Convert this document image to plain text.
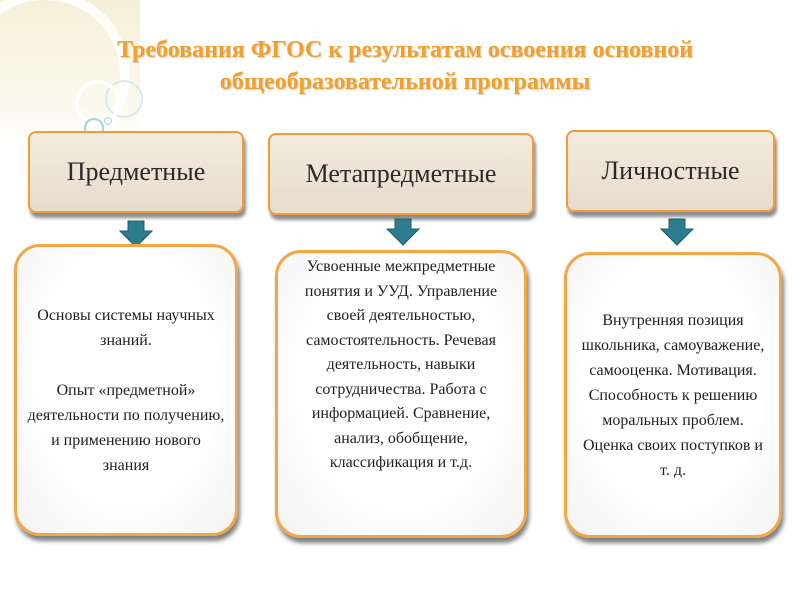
Требования ФГОС к результатам освоения основной
общеобразовательной программы
Предметные	Метапредметные	Личностные
Основы системы научных знаний.
Опыт «предметной» деятельности по получению, и применению нового знания
Усвоенные межпредметные понятия и УУД. Управление своей деятельностью, самостоятельность. Речевая деятельность, навыки сотрудничества. Работа с информацией. Сравнение, анализ, обобщение, классификация и т.д.
Внутренняя позиция школьника, самоуважение, самооценка. Мотивация. Способность к решению моральных проблем. Оценка своих поступков и т. д.
